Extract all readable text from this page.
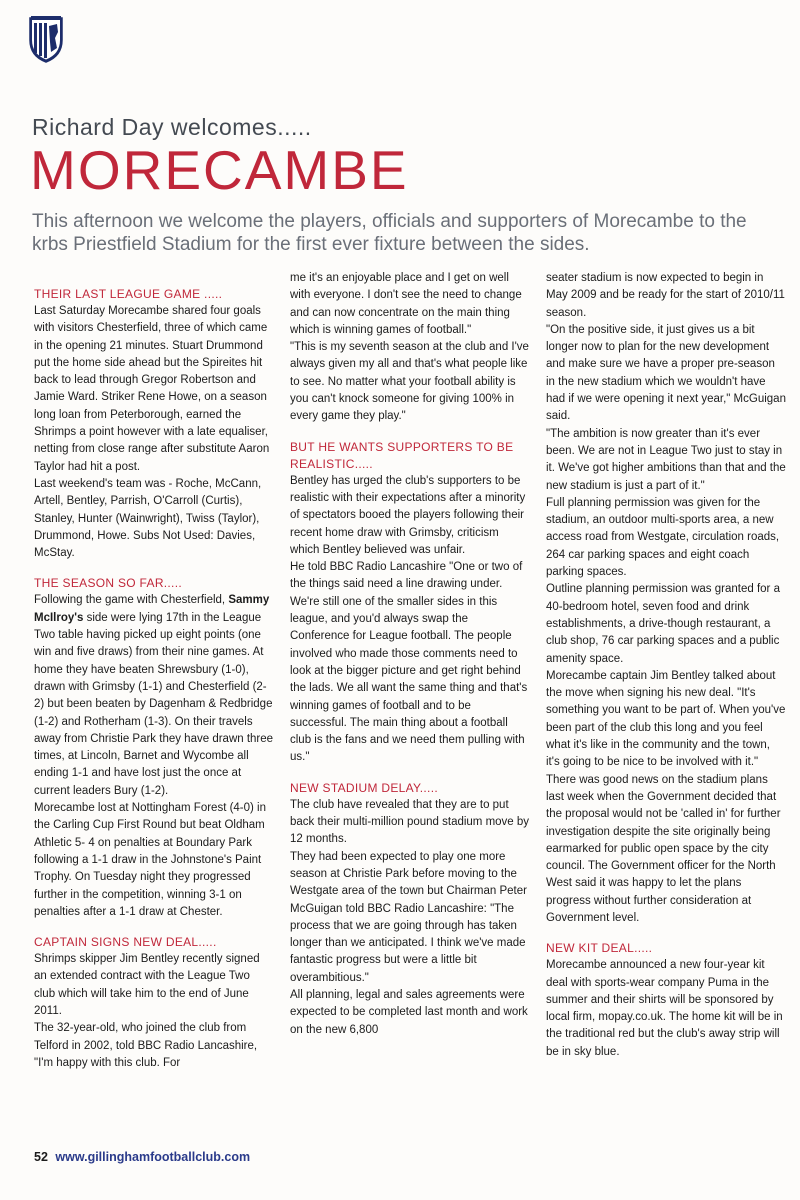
Richard Day welcomes.....
MORECAMBE
This afternoon we welcome the players, officials and supporters of Morecambe to the krbs Priestfield Stadium for the first ever fixture between the sides.
THEIR LAST LEAGUE GAME .....

Last Saturday Morecambe shared four goals with visitors Chesterfield, three of which came in the opening 21 minutes. Stuart Drummond put the home side ahead but the Spireites hit back to lead through Gregor Robertson and Jamie Ward. Striker Rene Howe, on a season long loan from Peterborough, earned the Shrimps a point however with a late equaliser, netting from close range after substitute Aaron Taylor had hit a post.

Last weekend's team was - Roche, McCann, Artell, Bentley, Parrish, O'Carroll (Curtis), Stanley, Hunter (Wainwright), Twiss (Taylor), Drummond, Howe. Subs Not Used: Davies, McStay.

THE SEASON SO FAR.....

Following the game with Chesterfield, Sammy McIlroy's side were lying 17th in the League Two table having picked up eight points (one win and five draws) from their nine games. At home they have beaten Shrewsbury (1-0), drawn with Grimsby (1-1) and Chesterfield (2-2) but been beaten by Dagenham & Redbridge (1-2) and Rotherham (1-3). On their travels away from Christie Park they have drawn three times, at Lincoln, Barnet and Wycombe all ending 1-1 and have lost just the once at current leaders Bury (1-2).

Morecambe lost at Nottingham Forest (4-0) in the Carling Cup First Round but beat Oldham Athletic 5- 4 on penalties at Boundary Park following a 1-1 draw in the Johnstone's Paint Trophy. On Tuesday night they progressed further in the competition, winning 3-1 on penalties after a 1-1 draw at Chester.

CAPTAIN SIGNS NEW DEAL.....

Shrimps skipper Jim Bentley recently signed an extended contract with the League Two club which will take him to the end of June 2011.

The 32-year-old, who joined the club from Telford in 2002, told BBC Radio Lancashire, "I'm happy with this club. For

me it's an enjoyable place and I get on well with everyone. I don't see the need to change and can now concentrate on the main thing which is winning games of football."

"This is my seventh season at the club and I've always given my all and that's what people like to see. No matter what your football ability is you can't knock someone for giving 100% in every game they play."

BUT HE WANTS SUPPORTERS TO BE REALISTIC.....

Bentley has urged the club's supporters to be realistic with their expectations after a minority of spectators booed the players following their recent home draw with Grimsby, criticism which Bentley believed was unfair.

He told BBC Radio Lancashire "One or two of the things said need a line drawing under. We're still one of the smaller sides in this league, and you'd always swap the Conference for League football. The people involved who made those comments need to look at the bigger picture and get right behind the lads. We all want the same thing and that's winning games of football and to be successful. The main thing about a football club is the fans and we need them pulling with us."

NEW STADIUM DELAY.....

The club have revealed that they are to put back their multi-million pound stadium move by 12 months.

They had been expected to play one more season at Christie Park before moving to the Westgate area of the town but Chairman Peter McGuigan told BBC Radio Lancashire: "The process that we are going through has taken longer than we anticipated. I think we've made fantastic progress but were a little bit overambitious."

All planning, legal and sales agreements were expected to be completed last month and work on the new 6,800

seater stadium is now expected to begin in May 2009 and be ready for the start of 2010/11 season.

"On the positive side, it just gives us a bit longer now to plan for the new development and make sure we have a proper pre-season in the new stadium which we wouldn't have had if we were opening it next year," McGuigan said.

"The ambition is now greater than it's ever been. We are not in League Two just to stay in it. We've got higher ambitions than that and the new stadium is just a part of it."

Full planning permission was given for the stadium, an outdoor multi-sports area, a new access road from Westgate, circulation roads, 264 car parking spaces and eight coach parking spaces.

Outline planning permission was granted for a 40-bedroom hotel, seven food and drink establishments, a drive-though restaurant, a club shop, 76 car parking spaces and a public amenity space.

Morecambe captain Jim Bentley talked about the move when signing his new deal. "It's something you want to be part of. When you've been part of the club this long and you feel what it's like in the community and the town, it's going to be nice to be involved with it."

There was good news on the stadium plans last week when the Government decided that the proposal would not be 'called in' for further investigation despite the site originally being earmarked for public open space by the city council. The Government officer for the North West said it was happy to let the plans progress without further consideration at Government level.

NEW KIT DEAL.....

Morecambe announced a new four-year kit deal with sports-wear company Puma in the summer and their shirts will be sponsored by local firm, mopay.co.uk. The home kit will be in the traditional red but the club's away strip will be in sky blue.

52 www.gillinghamfootballclub.com
